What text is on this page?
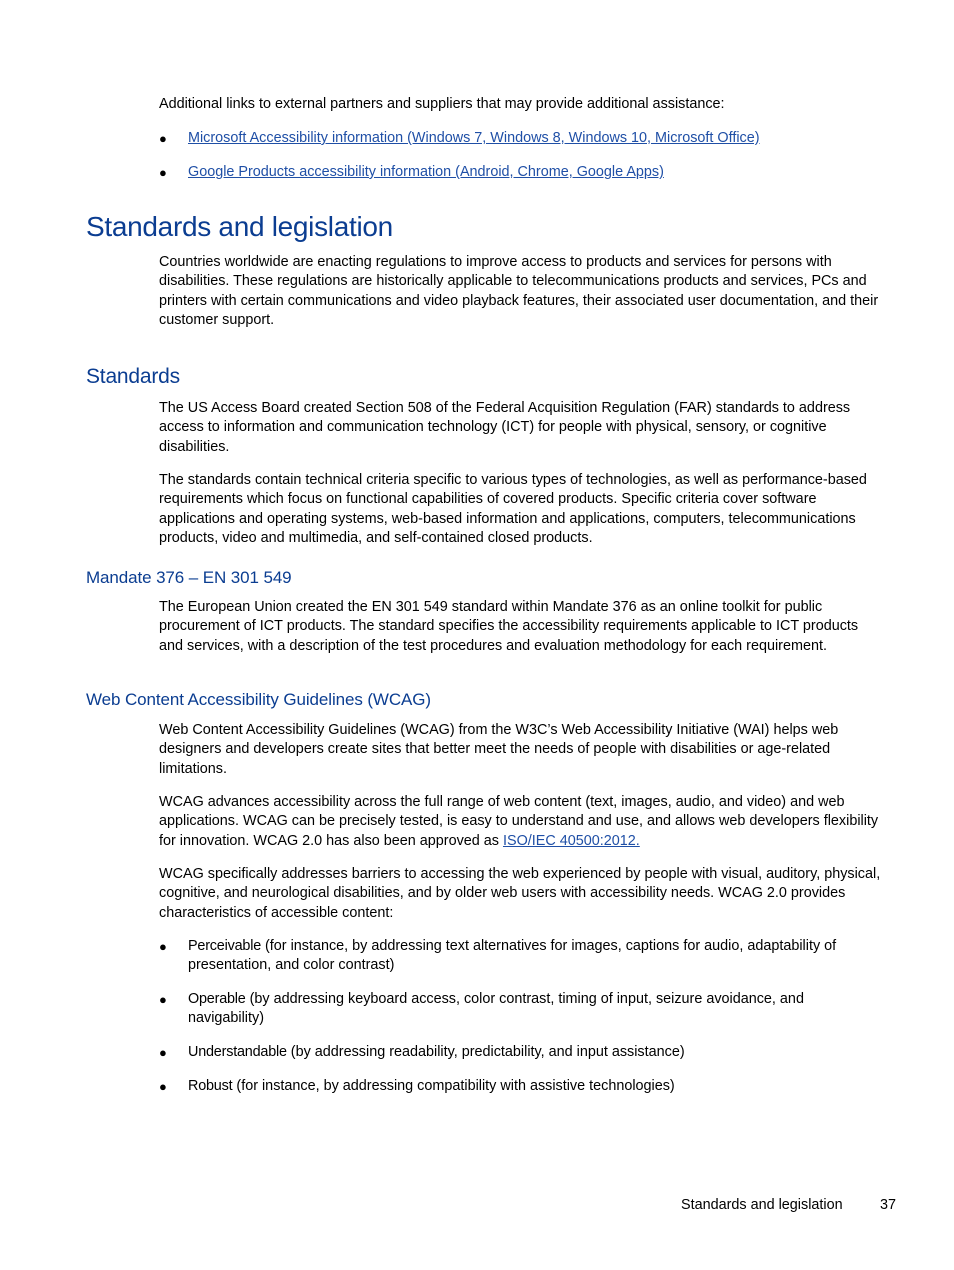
Additional links to external partners and suppliers that may provide additional assistance:

● Microsoft Accessibility information (Windows 7, Windows 8, Windows 10, Microsoft Office)
● Google Products accessibility information (Android, Chrome, Google Apps)
Standards and legislation

Countries worldwide are enacting regulations to improve access to products and services for persons with disabilities. These regulations are historically applicable to telecommunications products and services, PCs and printers with certain communications and video playback features, their associated user documentation, and their customer support.

Standards

The US Access Board created Section 508 of the Federal Acquisition Regulation (FAR) standards to address access to information and communication technology (ICT) for people with physical, sensory, or cognitive disabilities.

The standards contain technical criteria specific to various types of technologies, as well as performance-based requirements which focus on functional capabilities of covered products. Specific criteria cover software applications and operating systems, web-based information and applications, computers, telecommunications products, video and multimedia, and self-contained closed products.

Mandate 376 – EN 301 549

The European Union created the EN 301 549 standard within Mandate 376 as an online toolkit for public procurement of ICT products. The standard specifies the accessibility requirements applicable to ICT products and services, with a description of the test procedures and evaluation methodology for each requirement.

Web Content Accessibility Guidelines (WCAG)

Web Content Accessibility Guidelines (WCAG) from the W3C’s Web Accessibility Initiative (WAI) helps web designers and developers create sites that better meet the needs of people with disabilities or age-related limitations.

WCAG advances accessibility across the full range of web content (text, images, audio, and video) and web applications. WCAG can be precisely tested, is easy to understand and use, and allows web developers flexibility for innovation. WCAG 2.0 has also been approved as ISO/IEC 40500:2012.

WCAG specifically addresses barriers to accessing the web experienced by people with visual, auditory, physical, cognitive, and neurological disabilities, and by older web users with accessibility needs. WCAG 2.0 provides characteristics of accessible content:

● Perceivable (for instance, by addressing text alternatives for images, captions for audio, adaptability of presentation, and color contrast)
● Operable (by addressing keyboard access, color contrast, timing of input, seizure avoidance, and navigability)
● Understandable (by addressing readability, predictability, and input assistance)
● Robust (for instance, by addressing compatibility with assistive technologies)
Standards and legislation	37
